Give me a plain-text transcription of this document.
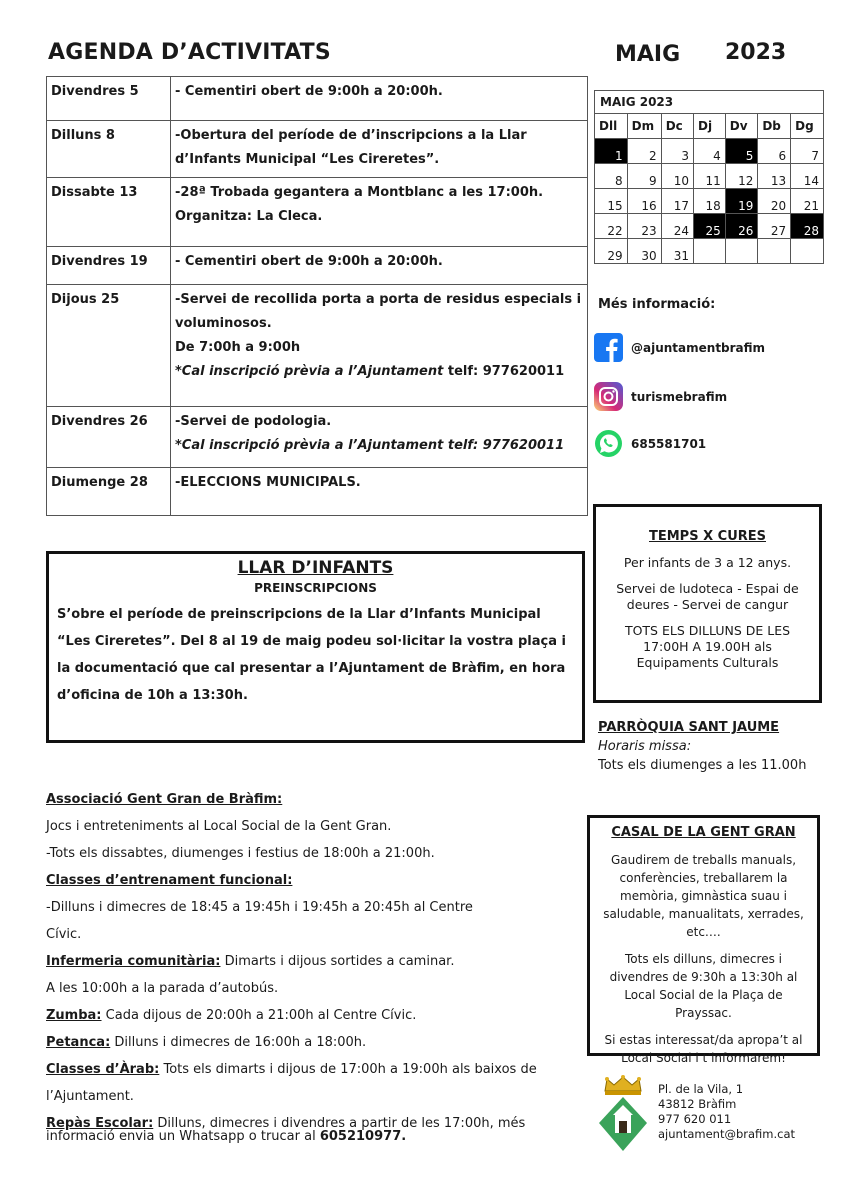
AGENDA D’ACTIVITATS	MAIG 2023
Divendres 5	- Cementiri obert de 9:00h a 20:00h.

Dilluns 8	-Obertura del període de d’inscripcions a la Llar
d’Infants Municipal “Les Cireretes”.

Dissabte 13	-28ª Trobada gegantera a Montblanc a les 17:00h.
Organitza: La Cleca.

Divendres 19	- Cementiri obert de 9:00h a 20:00h.

Dijous 25	-Servei de recollida porta a porta de residus especials i
voluminosos.
De 7:00h a 9:00h
*Cal inscripció prèvia a l’Ajuntament telf: 977620011

Divendres 26	-Servei de podologia.
*Cal inscripció prèvia a l’Ajuntament telf: 977620011

Diumenge 28	-ELECCIONS MUNICIPALS.
MAIG 2023						
Dll	Dm	Dc	Dj	Dv	Db	Dg
1	2	3	4	5	6	7
8	9	10	11	12	13	14
15	16	17	18	19	20	21
22	23	24	25	26	27	28
29	30	31				
Més informació:
@ajuntamentbrafim
turismebrafim
685581701
TEMPS X CURES

Per infants de 3 a 12 anys.

Servei de ludoteca - Espai de deures - Servei de cangur

TOTS ELS DILLUNS DE LES 17:00H A 19.00H als Equipaments Culturals

LLAR D’INFANTS
PREINSCRIPCIONS
S’obre el període de preinscripcions de la Llar d’Infants Municipal “Les Cireretes”. Del 8 al 19 de maig podeu sol·licitar la vostra plaça i la documentació que cal presentar a l’Ajuntament de Bràfim, en hora d’oficina de 10h a 13:30h.
PARRÒQUIA SANT JAUME
Horaris missa:
Tots els diumenges a les 11.00h
CASAL DE LA GENT GRAN

Gaudirem de treballs manuals, conferències, treballarem la memòria, gimnàstica suau i saludable, manualitats, xerrades, etc….

Tots els dilluns, dimecres i divendres de 9:30h a 13:30h al Local Social de la Plaça de Prayssac.

Si estas interessat/da apropa’t al Local Social i t’informarem!

Associació Gent Gran de Bràfim:
Jocs i entreteniments al Local Social de la Gent Gran.
-Tots els dissabtes, diumenges i festius de 18:00h a 21:00h.
Classes d’entrenament funcional:
-Dilluns i dimecres de 18:45 a 19:45h i 19:45h a 20:45h al Centre
Cívic.
Infermeria comunitària: Dimarts i dijous sortides a caminar.
A les 10:00h a la parada d’autobús.
Zumba: Cada dijous de 20:00h a 21:00h al Centre Cívic.
Petanca: Dilluns i dimecres de 16:00h a 18:00h.
Classes d’Àrab: Tots els dimarts i dijous de 17:00h a 19:00h als baixos de
l’Ajuntament.
Repàs Escolar: Dilluns, dimecres i divendres a partir de les 17:00h, més informació envia un Whatsapp o trucar al 605210977.
Pl. de la Vila, 1
43812 Bràfim
977 620 011
ajuntament@brafim.cat
